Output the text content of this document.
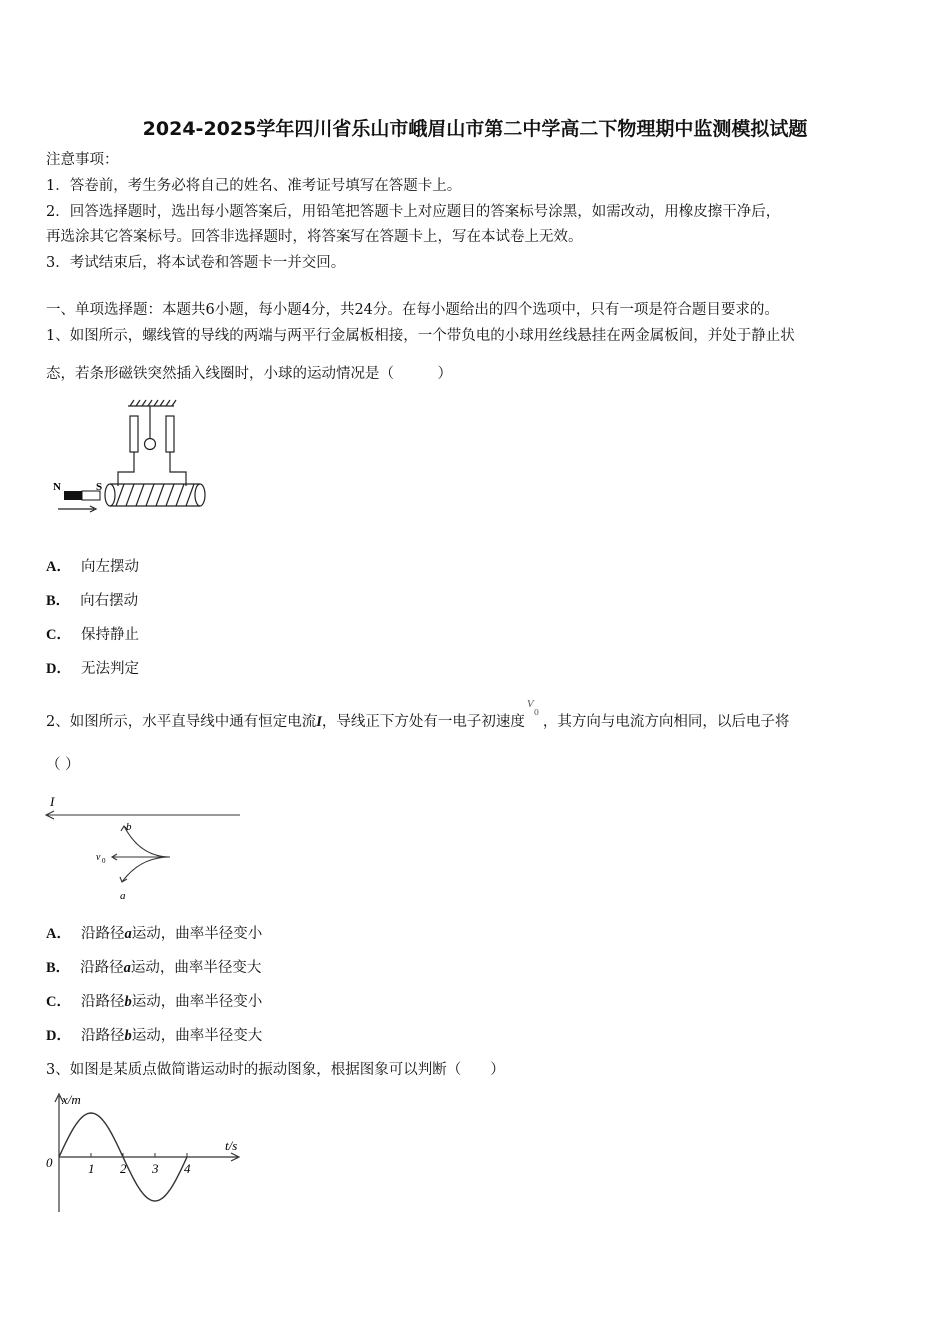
2024-2025学年四川省乐山市峨眉山市第二中学高二下物理期中监测模拟试题
注意事项：
1．答卷前，考生务必将自己的姓名、准考证号填写在答题卡上。
2．回答选择题时，选出每小题答案后，用铅笔把答题卡上对应题目的答案标号涂黑，如需改动，用橡皮擦干净后，
再选涂其它答案标号。回答非选择题时，将答案写在答题卡上，写在本试卷上无效。
3．考试结束后，将本试卷和答题卡一并交回。
一、单项选择题：本题共6小题，每小题4分，共24分。在每小题给出的四个选项中，只有一项是符合题目要求的。
1、如图所示，螺线管的导线的两端与两平行金属板相接，一个带负电的小球用丝线悬挂在两金属板间，并处于静止状
态，若条形磁铁突然插入线圈时，小球的运动情况是（　　　）
N	S
A． 向左摆动
B． 向右摆动
C． 保持静止
D． 无法判定
2、如图所示，水平直导线中通有恒定电流I，导线正下方处有一电子初速度
V
0
，其方向与电流方向相同，以后电子将
（ ）
I
b
v 0
a
A． 沿路径a运动，曲率半径变小
B． 沿路径a运动，曲率半径变大
C． 沿路径b运动，曲率半径变小
D． 沿路径b运动，曲率半径变大
3、如图是某质点做简谐运动时的振动图象，根据图象可以判断（　　）
1 2 3 4
x/m
t/s
0
